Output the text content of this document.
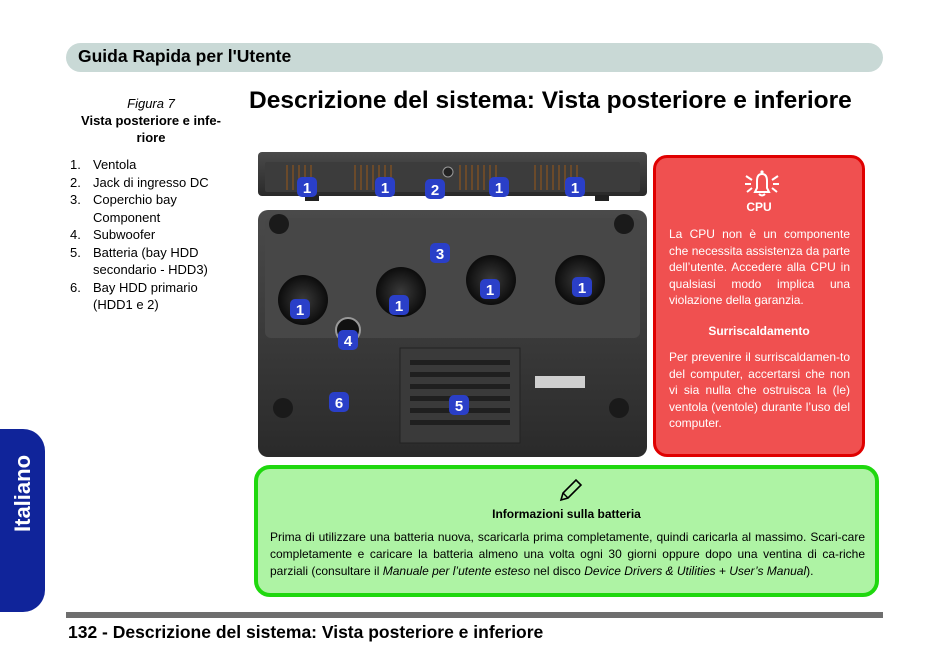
Guida Rapida per l'Utente
Italiano
Figura 7
Vista posteriore e infe-riore
1. Ventola
2. Jack di ingresso DC
3. Coperchio bay Component
4. Subwoofer
5. Batteria (bay HDD secondario - HDD3)
6. Bay HDD primario (HDD1 e 2)
Descrizione del sistema: Vista posteriore e inferiore
1	1	2	1	1
3
1	1
1	1
4
6	5
CPU
La CPU non è un componente che necessita assistenza da parte dell’utente. Accedere alla CPU in qualsiasi modo implica una violazione della garanzia.
Surriscaldamento
Per prevenire il surriscaldamen-to del computer, accertarsi che non vi sia nulla che ostruisca la (le) ventola (ventole) durante l’uso del computer.
Informazioni sulla batteria
Prima di utilizzare una batteria nuova, scaricarla prima completamente, quindi caricarla al massimo. Scari-care completamente e caricare la batteria almeno una volta ogni 30 giorni oppure dopo una ventina di ca-riche parziali (consultare il Manuale per l’utente esteso nel disco Device Drivers & Utilities + User’s Manual).
132 - Descrizione del sistema: Vista posteriore e inferiore
